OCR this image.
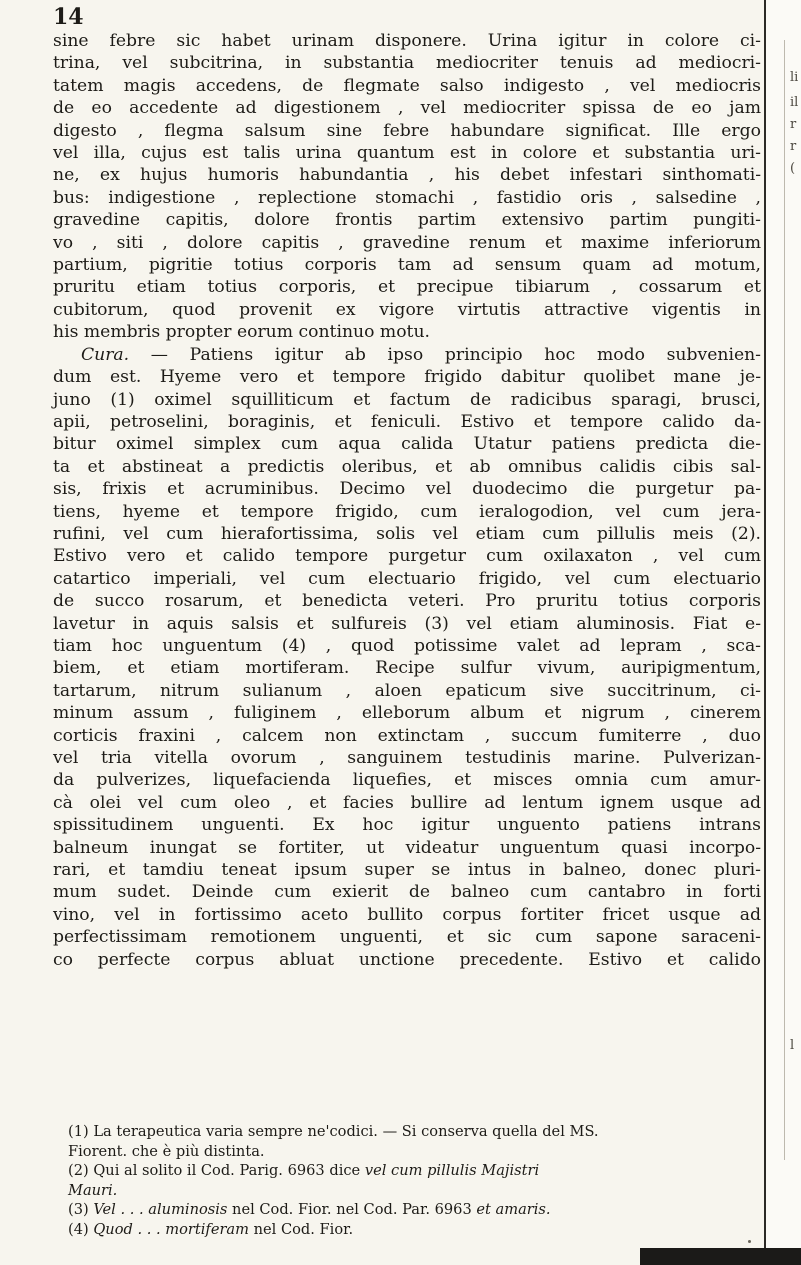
li
il
r
r
(
l
14
sine febre sic habet urinam disponere. Urina igitur in colore ci-
trina, vel subcitrina, in substantia mediocriter tenuis ad mediocri-
tatem magis accedens, de flegmate salso indigesto , vel mediocris
de eo accedente ad digestionem , vel mediocriter spissa de eo jam
digesto , flegma salsum sine febre habundare significat. Ille ergo
vel illa, cujus est talis urina quantum est in colore et substantia uri-
ne, ex hujus humoris habundantia , his debet infestari sinthomati-
bus: indigestione , replectione stomachi , fastidio oris , salsedine ,
gravedine capitis, dolore frontis partim extensivo partim pungiti-
vo , siti , dolore capitis , gravedine renum et maxime inferiorum
partium, pigritie totius corporis tam ad sensum quam ad motum,
pruritu etiam totius corporis, et precipue tibiarum , cossarum et
cubitorum, quod provenit ex vigore virtutis attractive vigentis in
his membris propter eorum continuo motu.
Cura. — Patiens igitur ab ipso principio hoc modo subvenien-
dum est. Hyeme vero et tempore frigido dabitur quolibet mane je-
juno (1) oximel squilliticum et factum de radicibus sparagi, brusci,
apii, petroselini, boraginis, et feniculi. Estivo et tempore calido da-
bitur oximel simplex cum aqua calida Utatur patiens predicta die-
ta et abstineat a predictis oleribus, et ab omnibus calidis cibis sal-
sis, frixis et acruminibus. Decimo vel duodecimo die purgetur pa-
tiens, hyeme et tempore frigido, cum ieralogodion, vel cum jera-
rufini, vel cum hierafortissima, solis vel etiam cum pillulis meis (2).
Estivo vero et calido tempore purgetur cum oxilaxaton , vel cum
catartico imperiali, vel cum electuario frigido, vel cum electuario
de succo rosarum, et benedicta veteri. Pro pruritu totius corporis
lavetur in aquis salsis et sulfureis (3) vel etiam aluminosis. Fiat e-
tiam hoc unguentum (4) , quod potissime valet ad lepram , sca-
biem, et etiam mortiferam. Recipe sulfur vivum, auripigmentum,
tartarum, nitrum sulianum , aloen epaticum sive succitrinum, ci-
minum assum , fuliginem , elleborum album et nigrum , cinerem
corticis fraxini , calcem non extinctam , succum fumiterre , duo
vel tria vitella ovorum , sanguinem testudinis marine. Pulverizan-
da pulverizes, liquefacienda liquefies, et misces omnia cum amur-
cà olei vel cum oleo , et facies bullire ad lentum ignem usque ad
spissitudinem unguenti. Ex hoc igitur unguento patiens intrans
balneum inungat se fortiter, ut videatur unguentum quasi incorpo-
rari, et tamdiu teneat ipsum super se intus in balneo, donec pluri-
mum sudet. Deinde cum exierit de balneo cum cantabro in forti
vino, vel in fortissimo aceto bullito corpus fortiter fricet usque ad
perfectissimam remotionem unguenti, et sic cum sapone saraceni-
co perfecte corpus abluat unctione precedente. Estivo et calido
(1) La terapeutica varia sempre ne'codici. — Si conserva quella del MS.
Fiorent. che è più distinta.
(2) Qui al solito il Cod. Parig. 6963 dice vel cum pillulis Majistri
Mauri.
(3) Vel . . . aluminosis nel Cod. Fior. nel Cod. Par. 6963 et amaris.
(4) Quod . . . mortiferam nel Cod. Fior.
